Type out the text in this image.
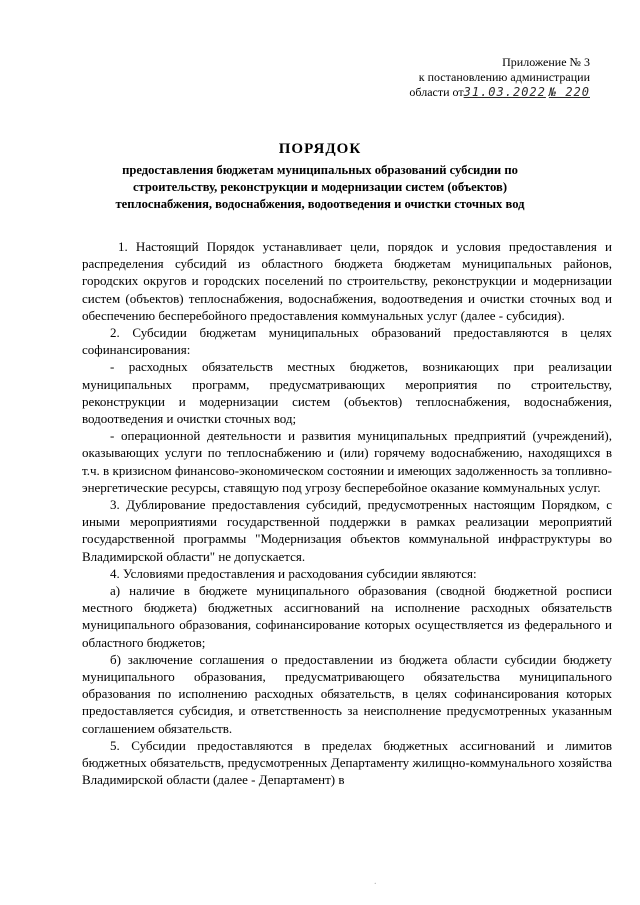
Приложение № 3
к постановлению администрации
области от31.03.2022 № 220
ПОРЯДОК
предоставления бюджетам муниципальных образований субсидии по
строительству, реконструкции и модернизации систем (объектов)
теплоснабжения, водоснабжения, водоотведения и очистки сточных вод

1. Настоящий Порядок устанавливает цели, порядок и условия предоставления и распределения субсидий из областного бюджета бюджетам муниципальных районов, городских округов и городских поселений по строительству, реконструкции и модернизации систем (объектов) теплоснабжения, водоснабжения, водоотведения и очистки сточных вод и обеспечению бесперебойного предоставления коммунальных услуг (далее - субсидия).

2. Субсидии бюджетам муниципальных образований предоставляются в целях софинансирования:

- расходных обязательств местных бюджетов, возникающих при реализации муниципальных программ, предусматривающих мероприятия по строительству, реконструкции и модернизации систем (объектов) теплоснабжения, водоснабжения, водоотведения и очистки сточных вод;

- операционной деятельности и развития муниципальных предприятий (учреждений), оказывающих услуги по теплоснабжению и (или) горячему водоснабжению, находящихся в т.ч. в кризисном финансово-экономическом состоянии и имеющих задолженность за топливно-энергетические ресурсы, ставящую под угрозу бесперебойное оказание коммунальных услуг.

3. Дублирование предоставления субсидий, предусмотренных настоящим Порядком, с иными мероприятиями государственной поддержки в рамках реализации мероприятий государственной программы "Модернизация объектов коммунальной инфраструктуры во Владимирской области" не допускается.

4. Условиями предоставления и расходования субсидии являются:

а) наличие в бюджете муниципального образования (сводной бюджетной росписи местного бюджета) бюджетных ассигнований на исполнение расходных обязательств муниципального образования, софинансирование которых осуществляется из федерального и областного бюджетов;

б) заключение соглашения о предоставлении из бюджета области субсидии бюджету муниципального образования, предусматривающего обязательства муниципального образования по исполнению расходных обязательств, в целях софинансирования которых предоставляется субсидия, и ответственность за неисполнение предусмотренных указанным соглашением обязательств.

5. Субсидии предоставляются в пределах бюджетных ассигнований и лимитов бюджетных обязательств, предусмотренных Департаменту жилищно-коммунального хозяйства Владимирской области (далее - Департамент) в

.
